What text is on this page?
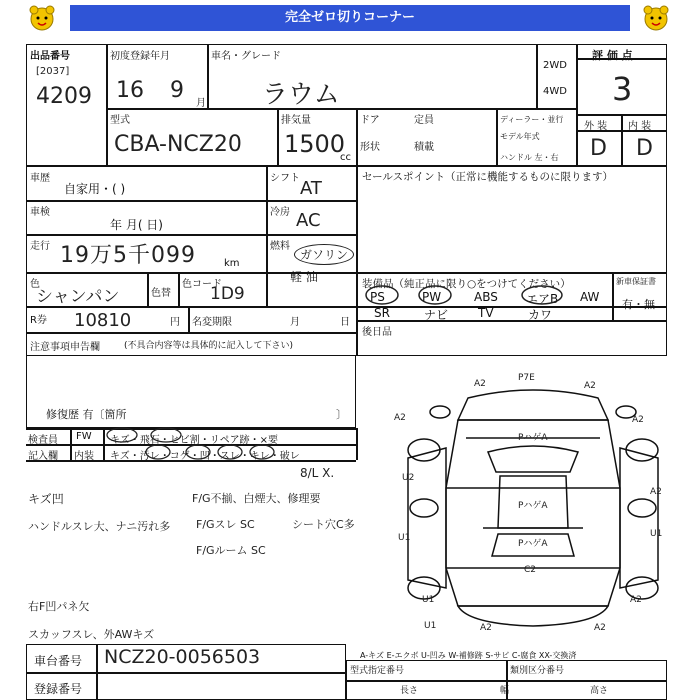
完全ゼロ切りコーナー
出品番号
[2037]
4209
初度登録年月
16 9
月
車名・グレード
ラウム
2WD
4WD
評 価 点
3
型式
CBA-NCZ20
排気量
1500
cc
ドア	定員
形状	積載
ディーラー・並行
モデル年式
ハンドル 左・右
外 装 内 装
D D
車歴
自家用・( )
車検
年 月( 日)
走行 19万5千099	km
シフト AT
冷房 AC
燃料
ガソリン
軽 油
セールスポイント（正常に機能するものに限ります）
色
シャンパン	色替
色コード
1D9	装備品（純正品に限り○をつけてください）	新車保証書
有・無
PS	PW	ABS エアB AW
SR	ナビ TV	カワ
R券 10810	円 名変期限	月	日
後日品
注意事項申告欄	(不具合内容等は具体的に記入して下さい)
修復歴 有〔箇所	〕
検査員
記入欄
FW キズ・飛石・ヒビ割・リペア跡・×要
内装 キズ・汚レ・コゲ・凹・スレ・キレ・破レ
8/L X.
キズ凹
ハンドルスレ大、ナニ汚れ多
F/G不揃、白煙大、修理要
F/Gスレ SC	シート穴C多
F/Gルーム SC
右F凹パネ欠
スカッフスレ、外AWキズ
A2
P7E
A2
A2	A2
A2
PハゲA
U2
U1
PハゲA
U1
U1
PハゲA
C2
U1	A2	A2
A2
A-キズ E-エクボ U-凹み W-補修跡 S-サビ C-腐食 XX-交換済
車台番号 NCZ20-0056503
登録番号
型式指定番号	類別区分番号
長さ	幅	高さ
